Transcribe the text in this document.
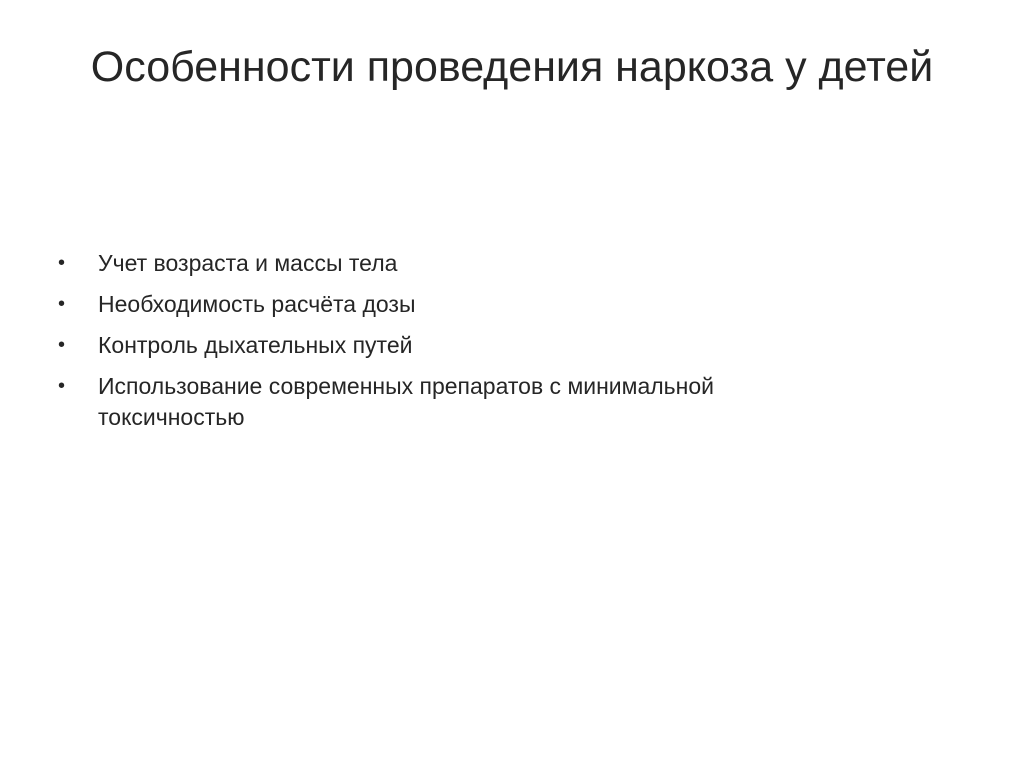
Особенности проведения наркоза у детей
• Учет возраста и массы тела
• Необходимость расчёта дозы
• Контроль дыхательных путей
• Использование современных препаратов с минимальной токсичностью
